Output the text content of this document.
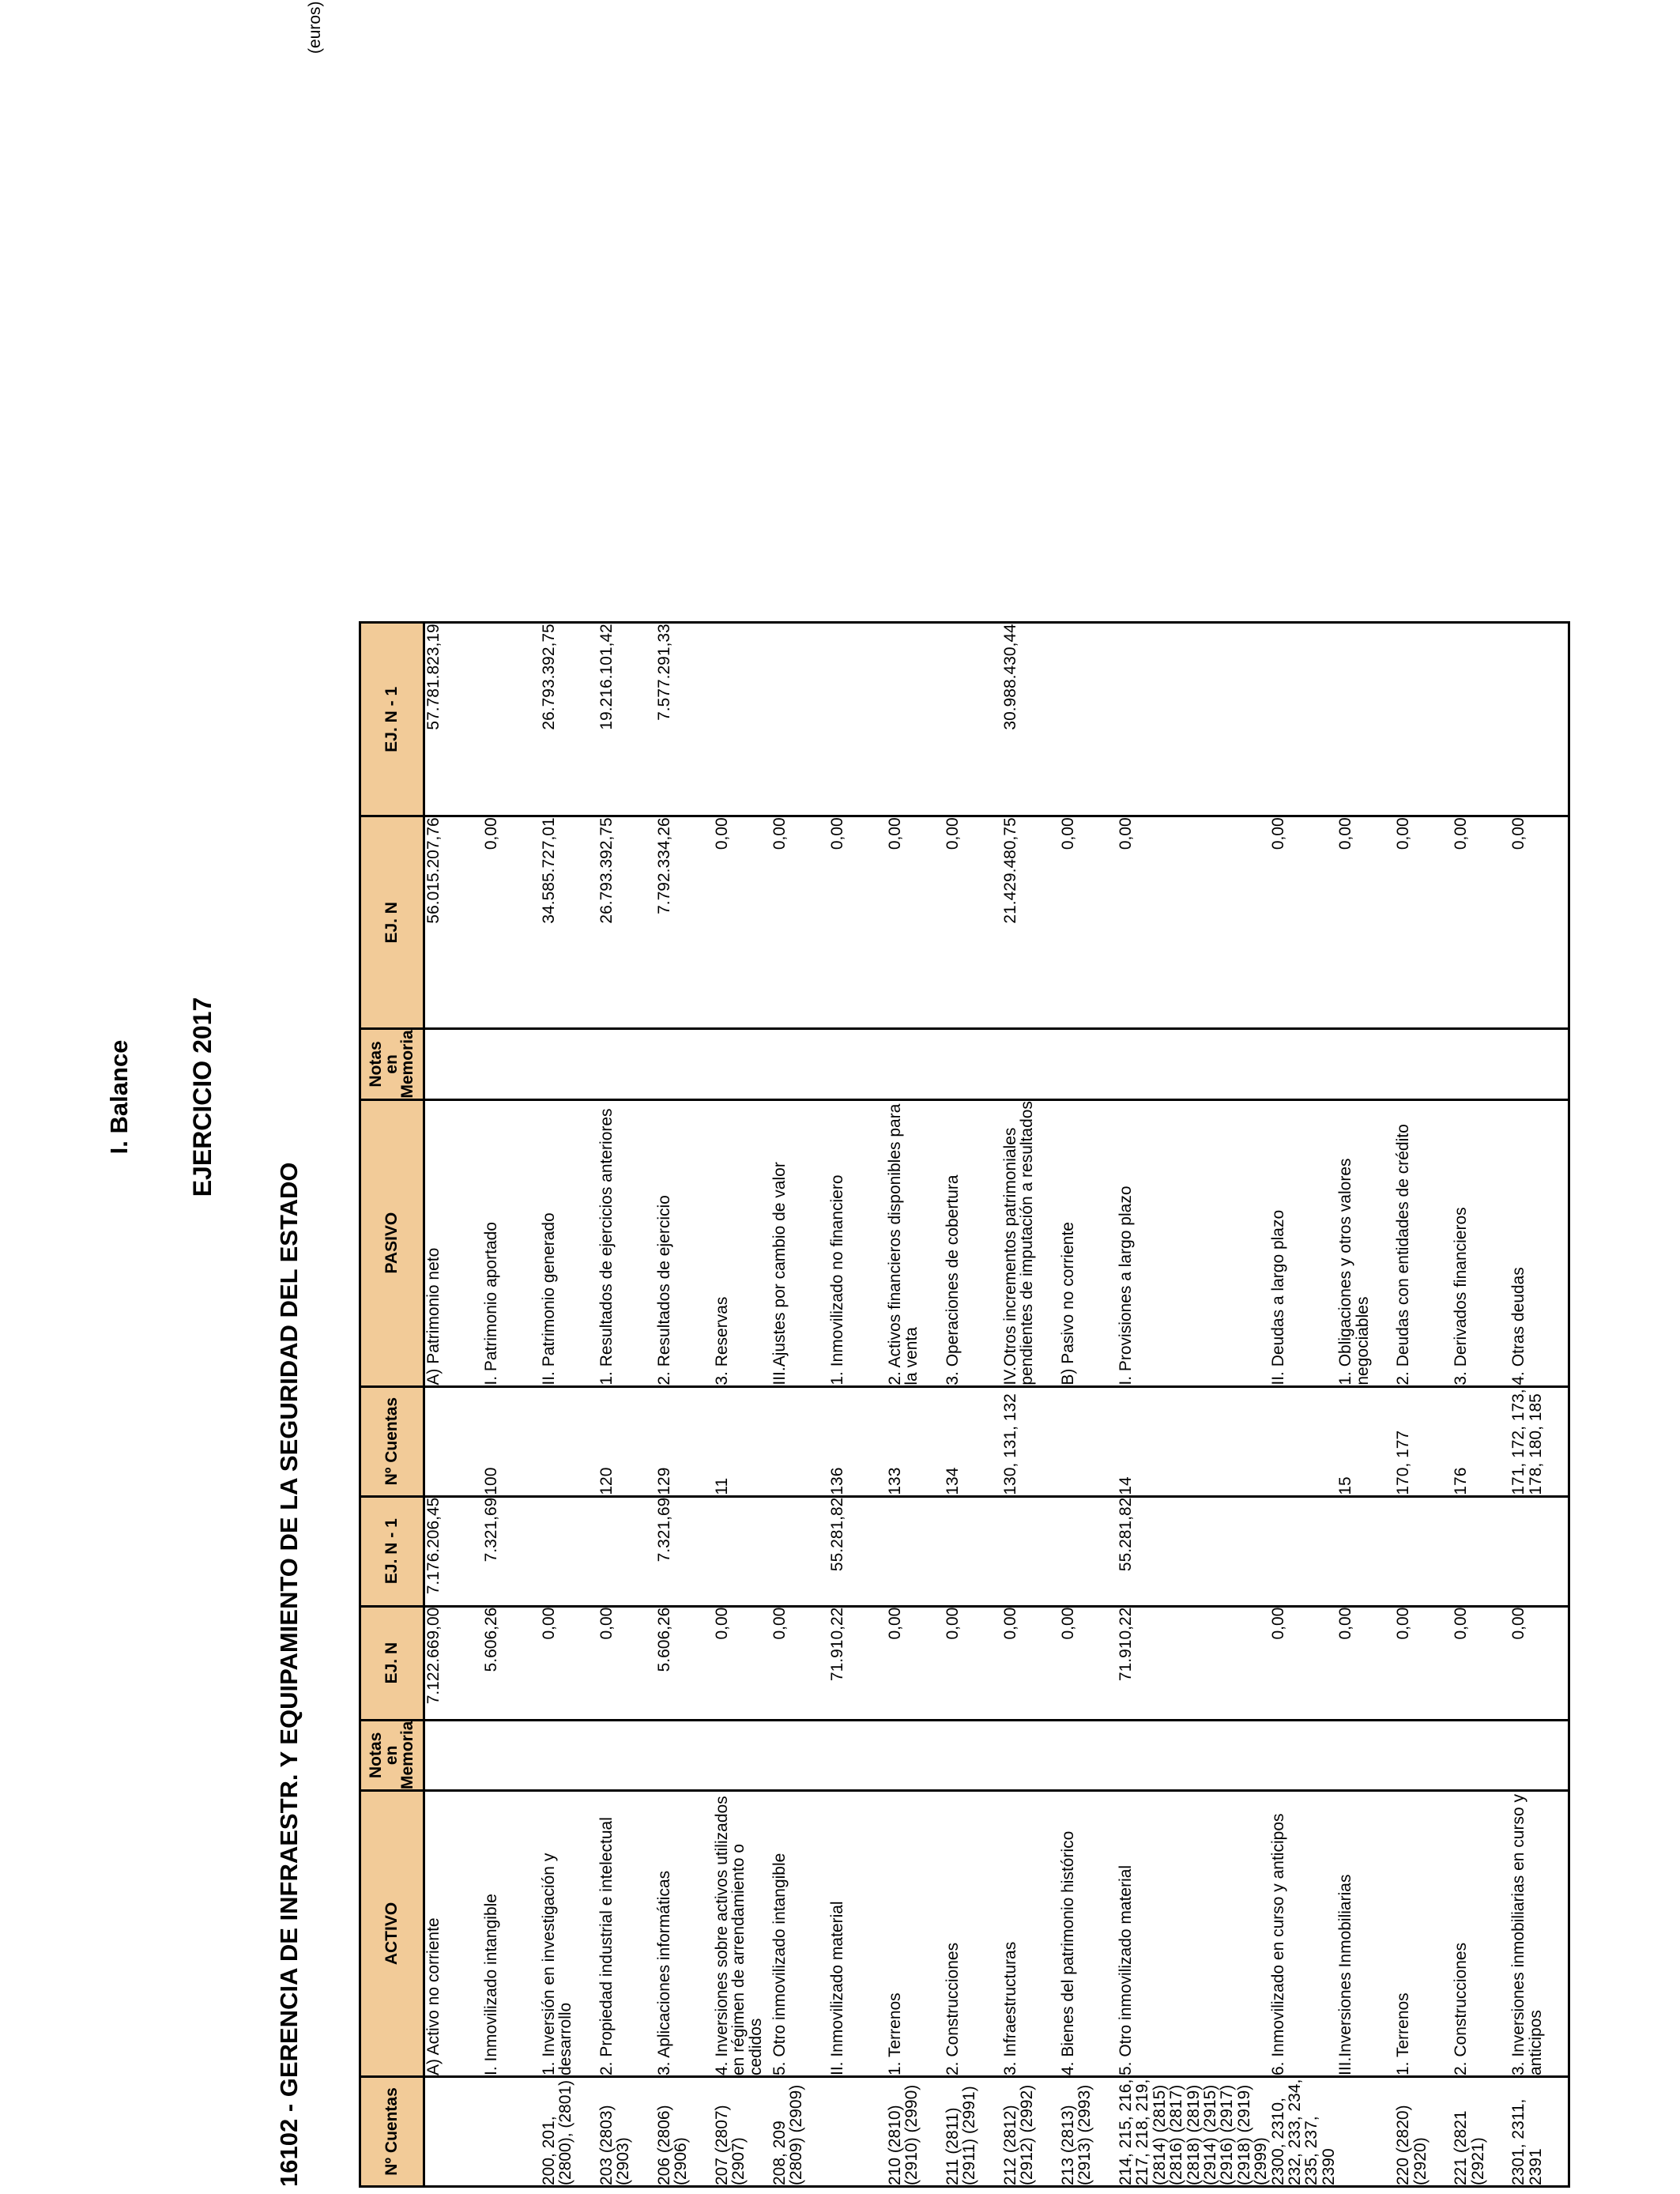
I. Balance EJERCICIO 2017
16102 - GERENCIA DE INFRAESTR. Y EQUIPAMIENTO DE LA SEGURIDAD DEL ESTADO
(euros)
Nº Cuentas	ACTIVO	Notas en Memoria	EJ. N	EJ. N - 1	Nº Cuentas	PASIVO	Notas en Memoria	EJ. N	EJ. N - 1
	A) Activo no corriente		7.122.669,00	7.176.206,45		A) Patrimonio neto		56.015.207,76	57.781.823,19
	I. Inmovilizado intangible		5.606,26	7.321,69	100	I. Patrimonio aportado		0,00	
200, 201, (2800), (2801)	1. Inversión en investigación y desarrollo		0,00			II. Patrimonio generado		34.585.727,01	26.793.392,75
203 (2803) (2903)	2. Propiedad industrial e intelectual		0,00		120	1. Resultados de ejercicios anteriores		26.793.392,75	19.216.101,42
206 (2806) (2906)	3. Aplicaciones informáticas		5.606,26	7.321,69	129	2. Resultados de ejercicio		7.792.334,26	7.577.291,33
207 (2807) (2907)	4. Inversiones sobre activos utilizados en régimen de arrendamiento o cedidos		0,00		11	3. Reservas		0,00	
208, 209 (2809) (2909)	5. Otro inmovilizado intangible		0,00			III.Ajustes por cambio de valor		0,00	
	II. Inmovilizado material		71.910,22	55.281,82	136	1. Inmovilizado no financiero		0,00	
210 (2810) (2910) (2990)	1. Terrenos		0,00		133	2. Activos financieros disponibles para la venta		0,00	
211 (2811) (2911) (2991)	2. Construcciones		0,00		134	3. Operaciones de cobertura		0,00	
212 (2812) (2912) (2992)	3. Infraestructuras		0,00		130, 131, 132	IV.Otros incrementos patrimoniales pendientes de imputación a resultados		21.429.480,75	30.988.430,44
213 (2813) (2913) (2993)	4. Bienes del patrimonio histórico		0,00			B) Pasivo no corriente		0,00	
214, 215, 216, 217, 218, 219, (2814) (2815) (2816) (2817) (2818) (2819) (2914) (2915) (2916) (2917) (2918) (2919) (2999)	5. Otro inmovilizado material		71.910,22	55.281,82	14	I. Provisiones a largo plazo		0,00	
2300, 2310, 232, 233, 234, 235, 237, 2390	6. Inmovilizado en curso y anticipos		0,00			II. Deudas a largo plazo		0,00	
	III.Inversiones Inmobiliarias		0,00		15	1. Obligaciones y otros valores negociables		0,00	
220 (2820) (2920)	1. Terrenos		0,00		170, 177	2. Deudas con entidades de crédito		0,00	
221 (2821 (2921)	2. Construcciones		0,00		176	3. Derivados financieros		0,00	
2301, 2311, 2391	3. Inversiones inmobiliarias en curso y anticipos		0,00		171, 172, 173, 178, 180, 185	4. Otras deudas		0,00	
